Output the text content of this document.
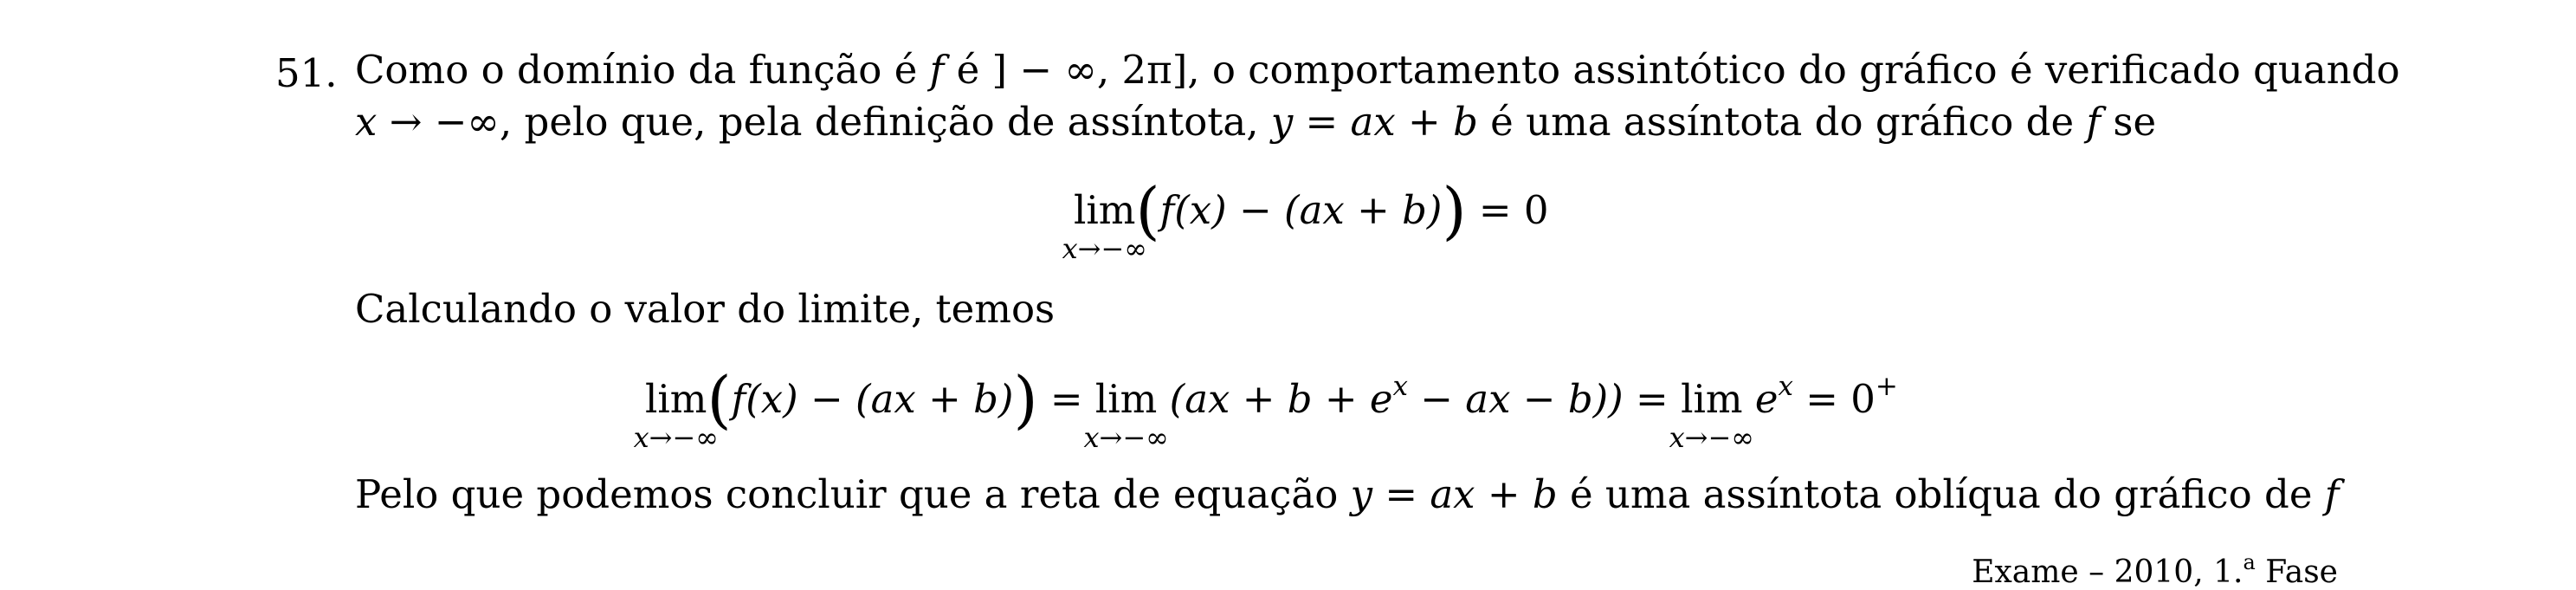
51. Como o domínio da função é f é ] − ∞, 2π], o comportamento assintótico do gráfico é verificado quando
x → −∞, pelo que, pela definição de assíntota, y = ax + b é uma assíntota do gráfico de f se
lim
x→−∞
(f(x) − (ax + b)) = 0
Calculando o valor do limite, temos
lim
x→−∞
(f(x) − (ax + b)) = lim
x→−∞
($ax + b + e^x$ − ax − b)) = lim
x→−∞
$e^x = 0^+$
Pelo que podemos concluir que a reta de equação y = ax + b é uma assíntota oblíqua do gráfico de f
Exame – 2010, 1.$^a$ Fase
